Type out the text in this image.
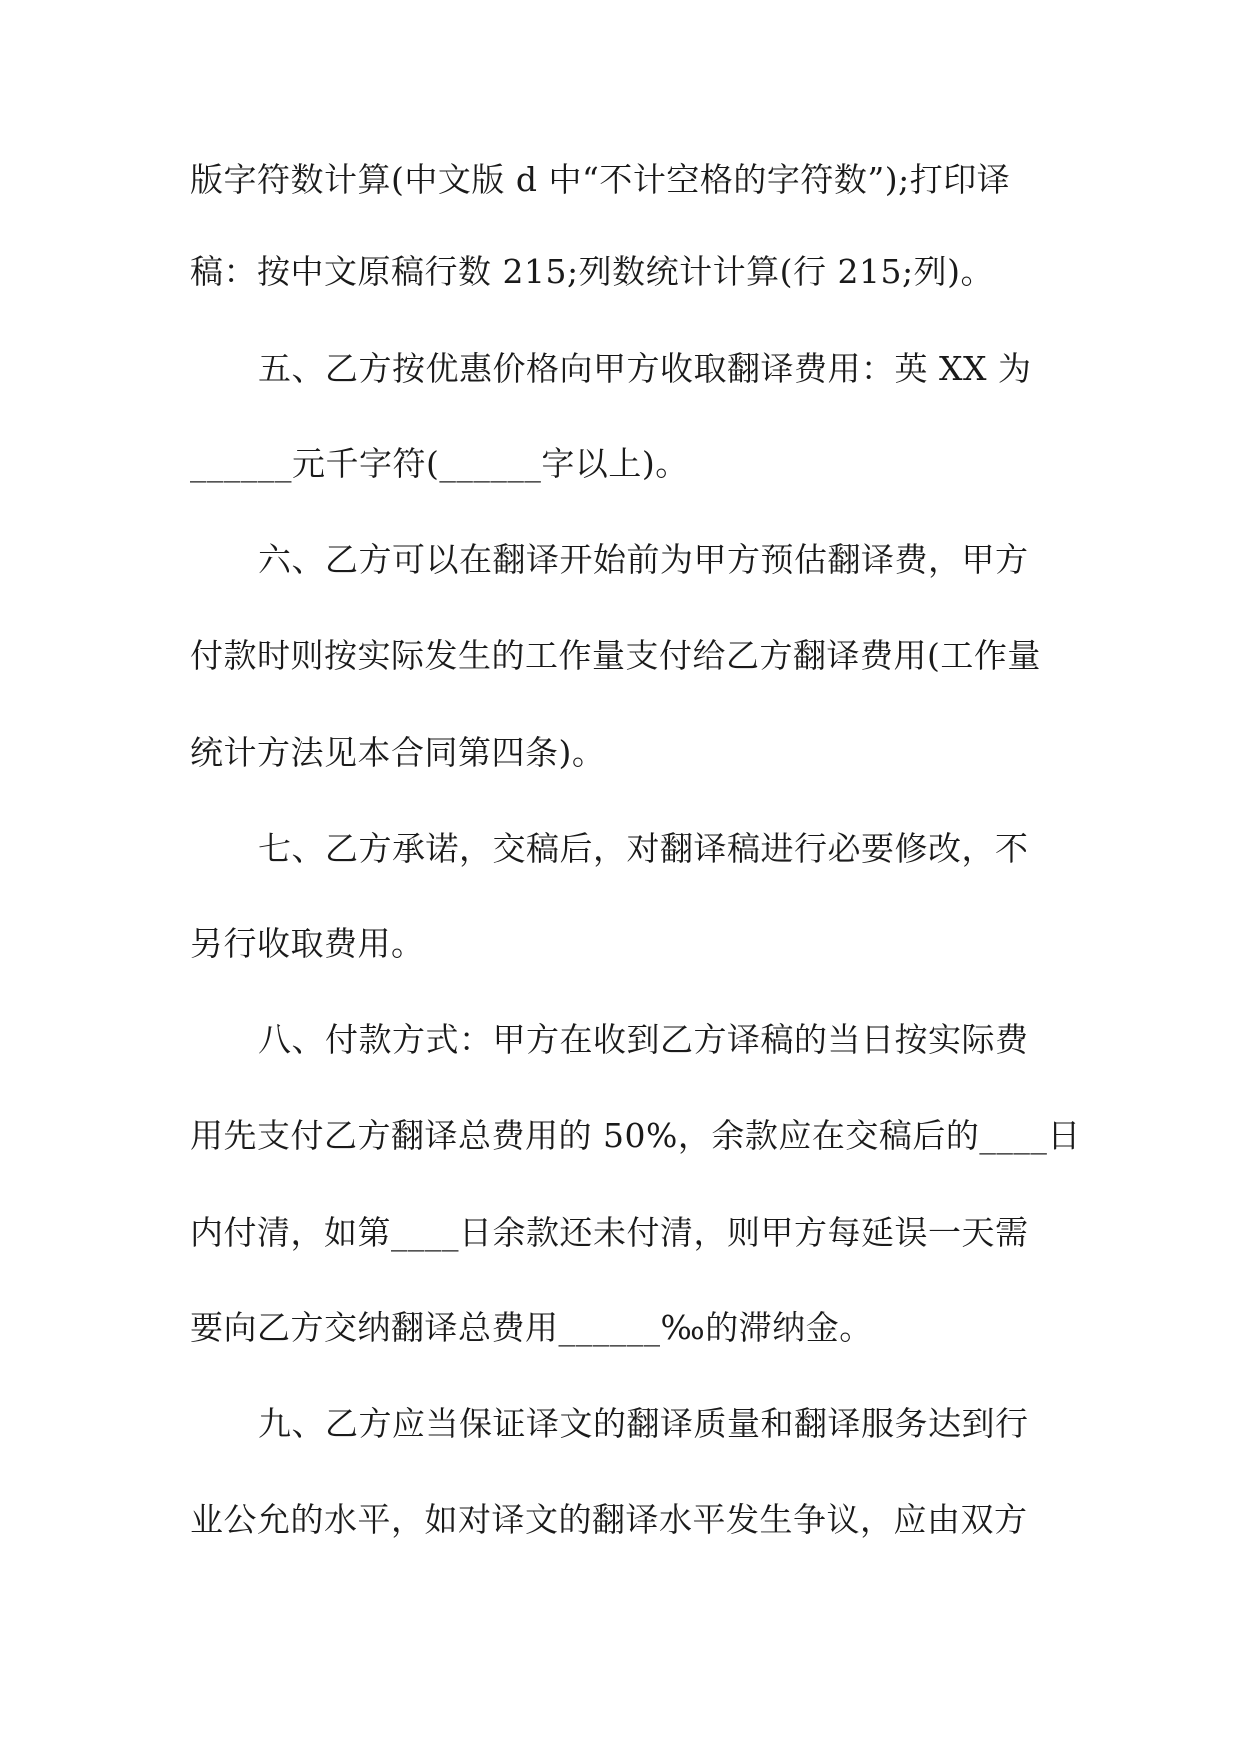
版字符数计算(中文版 d 中“不计空格的字符数”);打印译
稿：按中文原稿行数 215;列数统计计算(行 215;列)。
五、乙方按优惠价格向甲方收取翻译费用：英 XX 为
______元千字符(______字以上)。
六、乙方可以在翻译开始前为甲方预估翻译费，甲方
付款时则按实际发生的工作量支付给乙方翻译费用(工作量
统计方法见本合同第四条)。
七、乙方承诺，交稿后，对翻译稿进行必要修改，不
另行收取费用。
八、付款方式：甲方在收到乙方译稿的当日按实际费
用先支付乙方翻译总费用的 50%，余款应在交稿后的____日
内付清，如第____日余款还未付清，则甲方每延误一天需
要向乙方交纳翻译总费用______‰的滞纳金。
九、乙方应当保证译文的翻译质量和翻译服务达到行
业公允的水平，如对译文的翻译水平发生争议，应由双方
